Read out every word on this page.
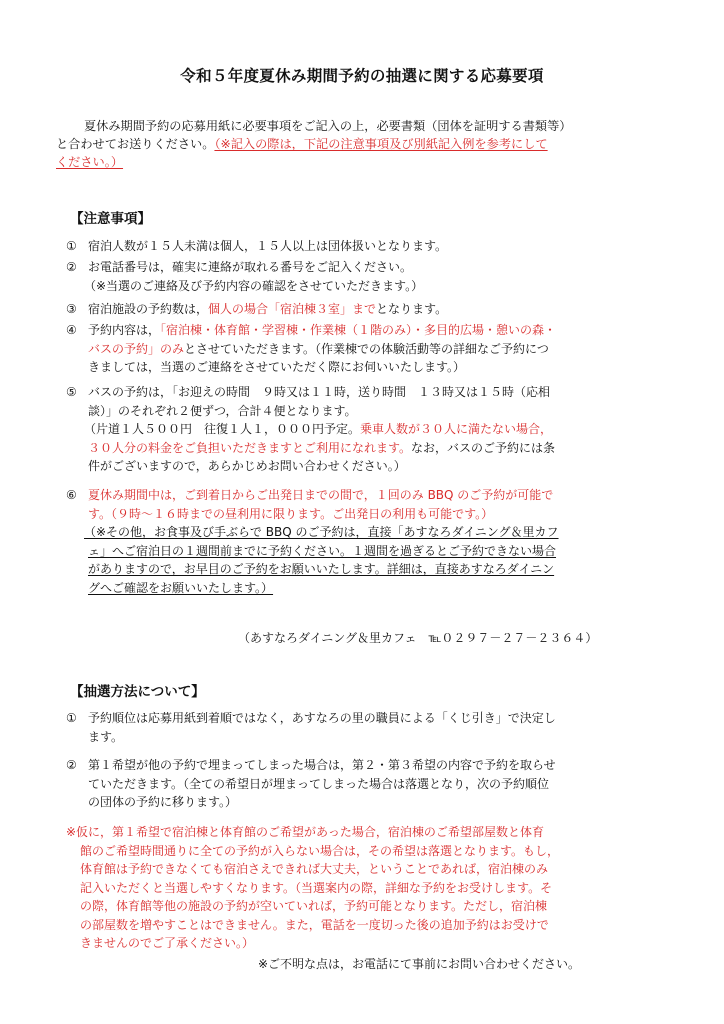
令和５年度夏休み期間予約の抽選に関する応募要項
夏休み期間予約の応募用紙に必要事項をご記入の上，必要書類（団体を証明する書類等）
と合わせてお送りください。（※記入の際は，下記の注意事項及び別紙記入例を参考にして
ください。）
【注意事項】
① 宿泊人数が１５人未満は個人，１５人以上は団体扱いとなります。
② お電話番号は，確実に連絡が取れる番号をご記入ください。
（※当選のご連絡及び予約内容の確認をさせていただきます。）
③ 宿泊施設の予約数は，個人の場合「宿泊棟３室」までとなります。
④ 予約内容は，「宿泊棟・体育館・学習棟・作業棟（１階のみ）・多目的広場・憩いの森・
バスの予約」のみとさせていただきます。（作業棟での体験活動等の詳細なご予約につ
きましては，当選のご連絡をさせていただく際にお伺いいたします。）
⑤ バスの予約は，「お迎えの時間　９時又は１１時，送り時間　１３時又は１５時（応相
談）」のそれぞれ２便ずつ，合計４便となります。
（片道１人５００円　往復１人１，０００円予定。乗車人数が３０人に満たない場合，
３０人分の料金をご負担いただきますとご利用になれます。なお，バスのご予約には条
件がございますので，あらかじめお問い合わせください。）
⑥ 夏休み期間中は，ご到着日からご出発日までの間で，１回のみ BBQ のご予約が可能で
す。（９時～１６時までの昼利用に限ります。ご出発日の利用も可能です。）
（※その他，お食事及び手ぶらで BBQ のご予約は，直接「あすなろダイニング＆里カフ
ェ」へご宿泊日の１週間前までに予約ください。１週間を過ぎるとご予約できない場合
がありますので，お早目のご予約をお願いいたします。詳細は，直接あすなろダイニン
グへご確認をお願いいたします。）
（あすなろダイニング＆里カフェ　℡０２９７－２７－２３６４）
【抽選方法について】
① 予約順位は応募用紙到着順ではなく，あすなろの里の職員による「くじ引き」で決定し
ます。
② 第１希望が他の予約で埋まってしまった場合は，第２・第３希望の内容で予約を取らせ
ていただきます。（全ての希望日が埋まってしまった場合は落選となり，次の予約順位
の団体の予約に移ります。）
※仮に，第１希望で宿泊棟と体育館のご希望があった場合，宿泊棟のご希望部屋数と体育
館のご希望時間通りに全ての予約が入らない場合は，その希望は落選となります。もし，
体育館は予約できなくても宿泊さえできれば大丈夫，ということであれば，宿泊棟のみ
記入いただくと当選しやすくなります。（当選案内の際，詳細な予約をお受けします。そ
の際，体育館等他の施設の予約が空いていれば，予約可能となります。ただし，宿泊棟
の部屋数を増やすことはできません。また，電話を一度切った後の追加予約はお受けで
きませんのでご了承ください。）
※ご不明な点は，お電話にて事前にお問い合わせください。
